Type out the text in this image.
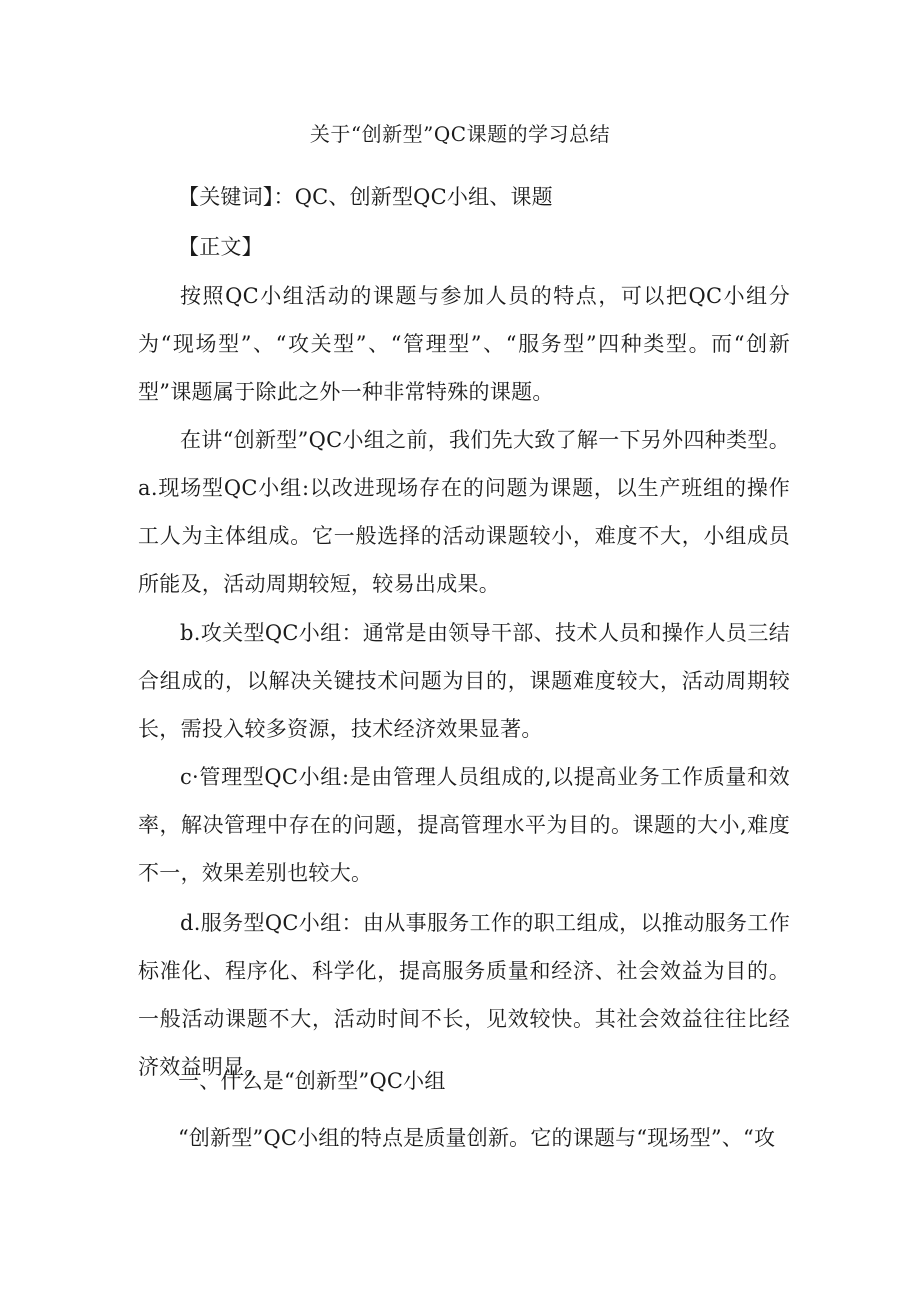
关于“创新型”QC课题的学习总结
【关键词】：QC、创新型QC小组、课题
【正文】

按照QC小组活动的课题与参加人员的特点，可以把QC小组分为“现场型”、“攻关型”、“管理型”、“服务型”四种类型。而“创新型”课题属于除此之外一种非常特殊的课题。

在讲“创新型”QC小组之前，我们先大致了解一下另外四种类型。a.现场型QC小组:以改进现场存在的问题为课题，以生产班组的操作工人为主体组成。它一般选择的活动课题较小，难度不大，小组成员所能及，活动周期较短，较易出成果。

b.攻关型QC小组：通常是由领导干部、技术人员和操作人员三结合组成的，以解决关键技术问题为目的，课题难度较大，活动周期较长，需投入较多资源，技术经济效果显著。

c·管理型QC小组:是由管理人员组成的,以提高业务工作质量和效率，解决管理中存在的问题，提高管理水平为目的。课题的大小,难度不一，效果差别也较大。

d.服务型QC小组：由从事服务工作的职工组成，以推动服务工作标准化、程序化、科学化，提高服务质量和经济、社会效益为目的。一般活动课题不大，活动时间不长，见效较快。其社会效益往往比经济效益明显。

一、什么是“创新型”QC小组
“创新型”QC小组的特点是质量创新。它的课题与“现场型”、“攻
